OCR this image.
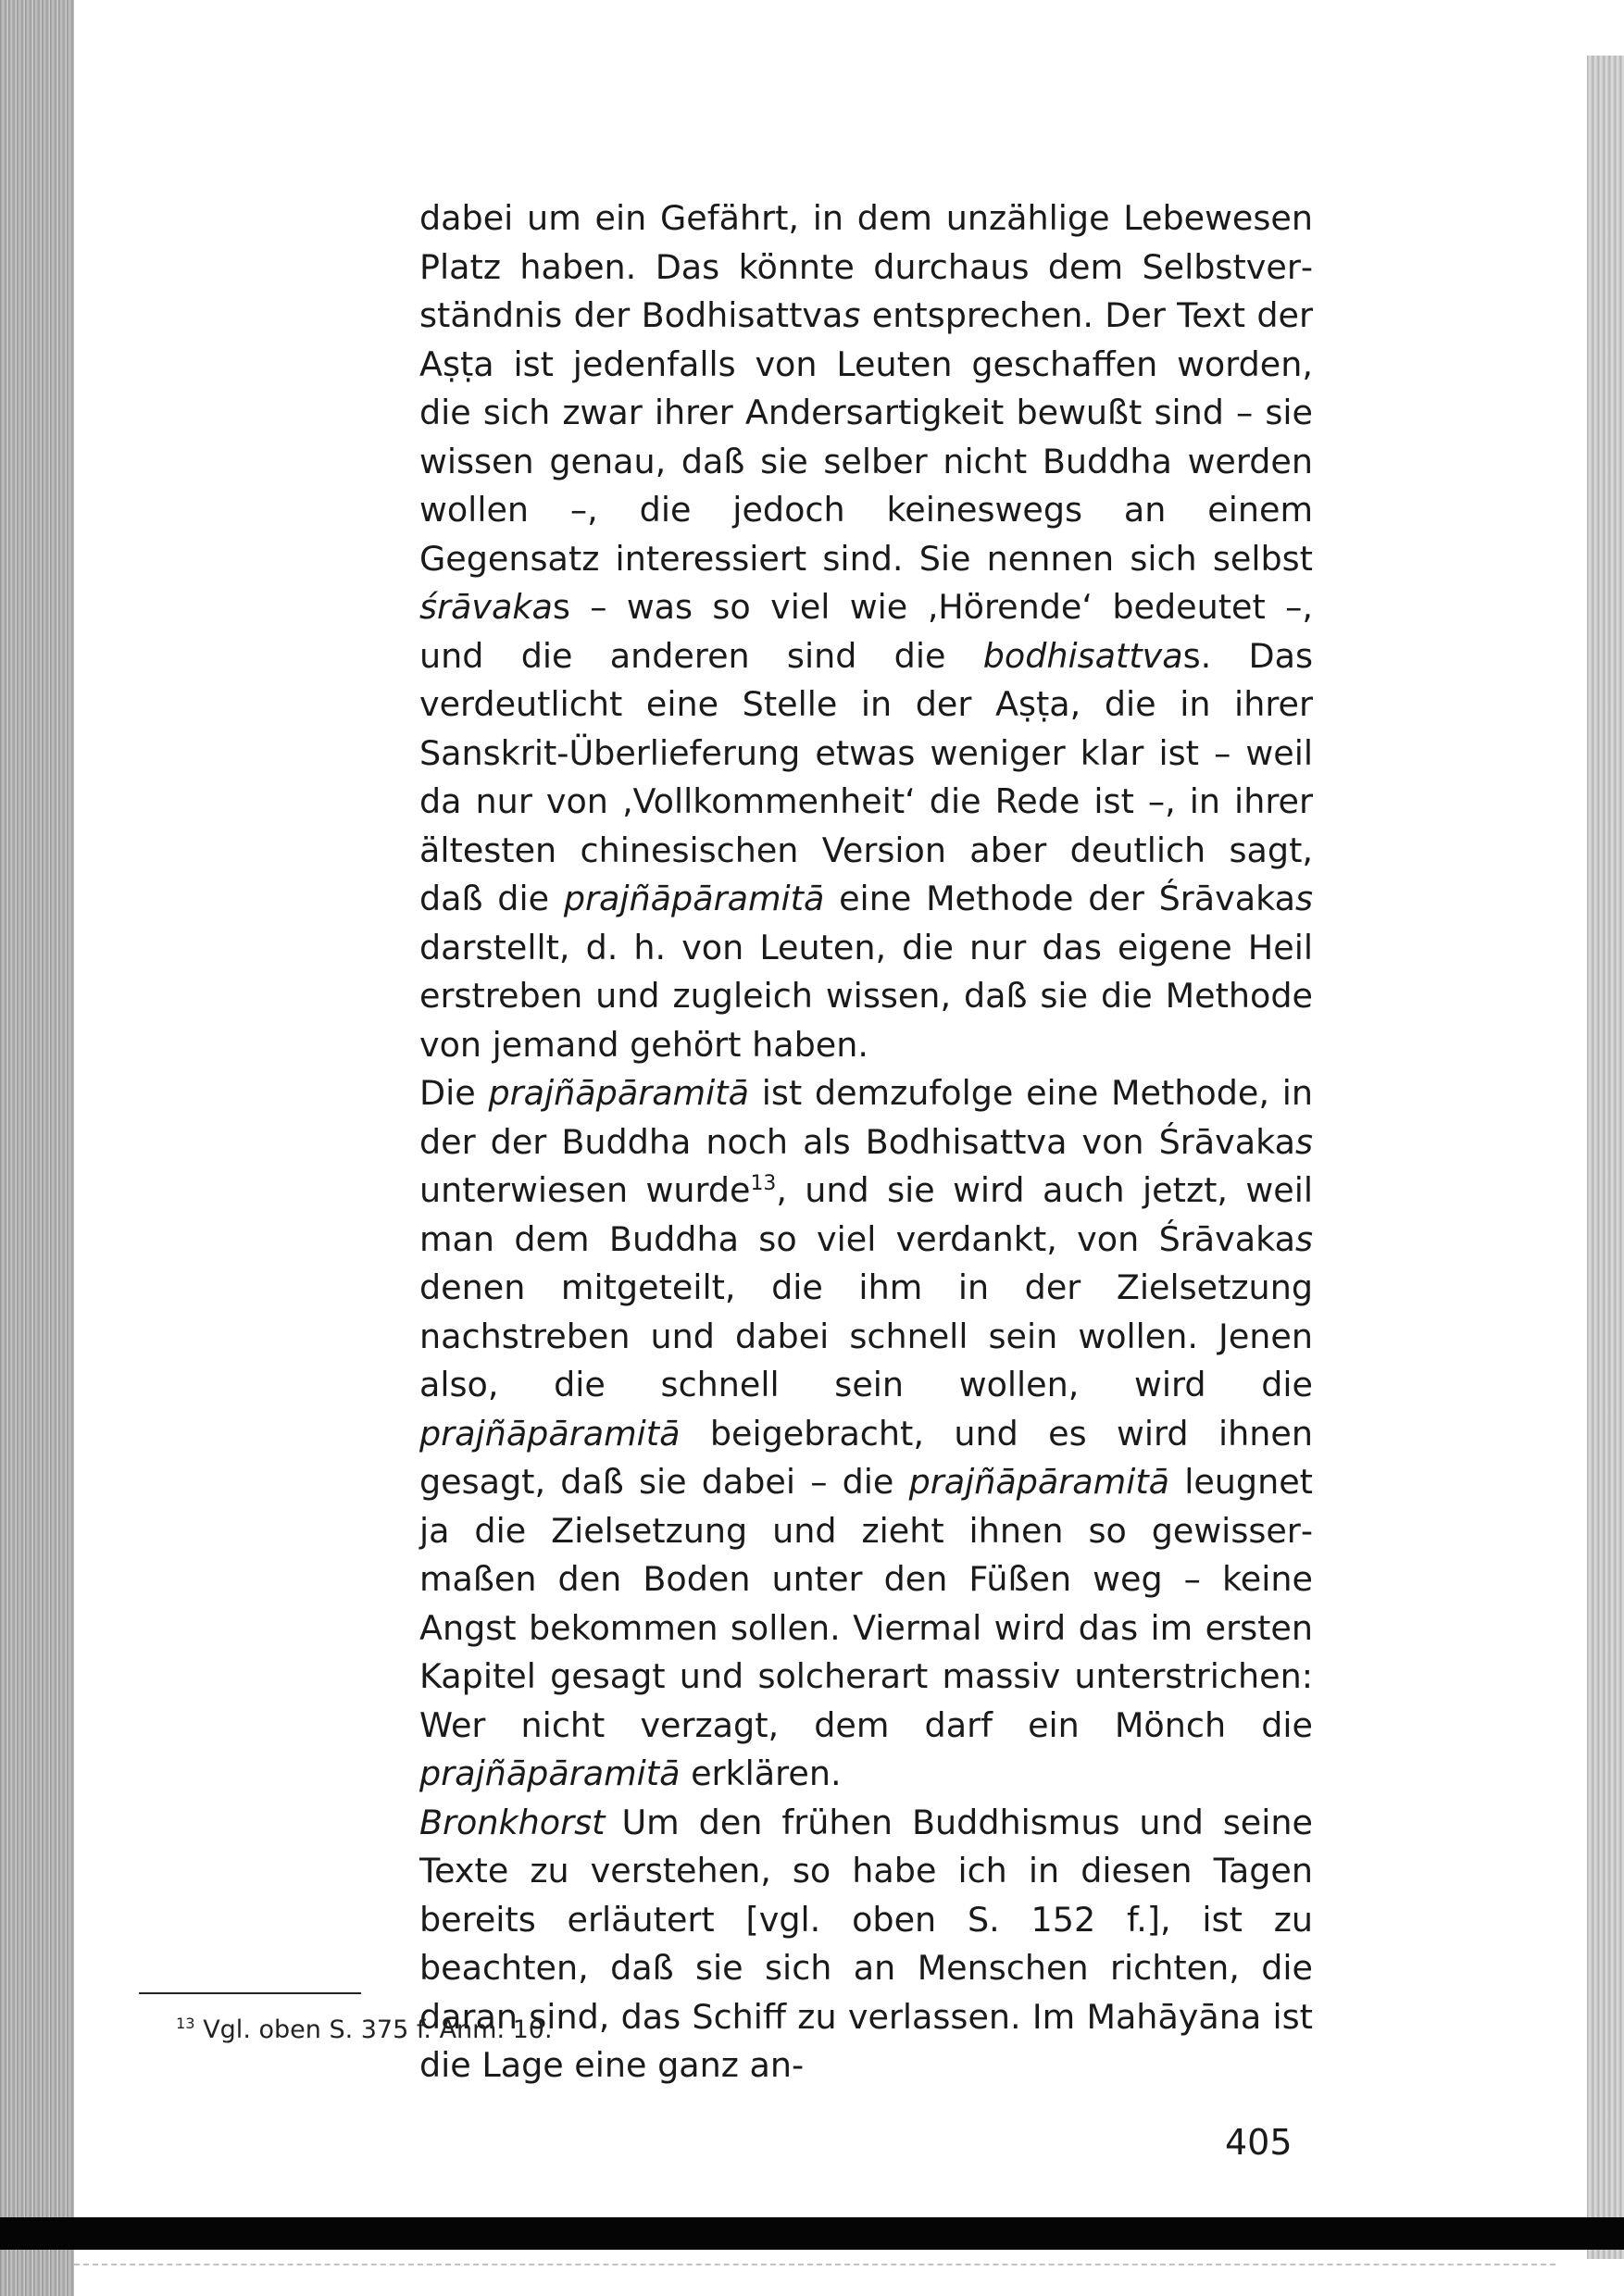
dabei um ein Gefährt, in dem unzählige Lebewesen Platz haben. Das könnte durchaus dem Selbstverständnis der Bodhisattvas entsprechen. Der Text der Aṣṭa ist jedenfalls von Leuten geschaffen worden, die sich zwar ihrer Andersartigkeit bewußt sind – sie wissen genau, daß sie selber nicht Buddha werden wollen –, die jedoch keineswegs an einem Gegensatz interessiert sind. Sie nennen sich selbst śrāvakas – was so viel wie ‚Hörende‘ bedeutet –, und die anderen sind die bodhisattvas. Das verdeutlicht eine Stelle in der Aṣṭa, die in ihrer Sanskrit-Überlieferung etwas weniger klar ist – weil da nur von ‚Vollkommenheit‘ die Rede ist –, in ihrer ältesten chinesischen Version aber deutlich sagt, daß die prajñāpāramitā eine Methode der Śrāvakas darstellt, d. h. von Leuten, die nur das eigene Heil erstreben und zugleich wissen, daß sie die Methode von jemand gehört haben.

Die prajñāpāramitā ist demzufolge eine Methode, in der der Buddha noch als Bodhisattva von Śrāvakas unterwiesen wurde$^{13}$, und sie wird auch jetzt, weil man dem Buddha so viel verdankt, von Śrāvakas denen mitgeteilt, die ihm in der Zielsetzung nachstreben und dabei schnell sein wollen. Jenen also, die schnell sein wollen, wird die prajñāpāramitā beigebracht, und es wird ihnen gesagt, daß sie dabei – die prajñāpāramitā leugnet ja die Zielsetzung und zieht ihnen so gewissermaßen den Boden unter den Füßen weg – keine Angst bekommen sollen. Viermal wird das im ersten Kapitel gesagt und solcherart massiv unterstrichen: Wer nicht verzagt, dem darf ein Mönch die prajñāpāramitā erklären.

Bronkhorst Um den frühen Buddhismus und seine Texte zu verstehen, so habe ich in diesen Tagen bereits erläutert [vgl. oben S. 152 f.], ist zu beachten, daß sie sich an Menschen richten, die daran sind, das Schiff zu verlassen. Im Mahāyāna ist die Lage eine ganz an-

$^{13}$ Vgl. oben S. 375 f. Anm. 10.
405
